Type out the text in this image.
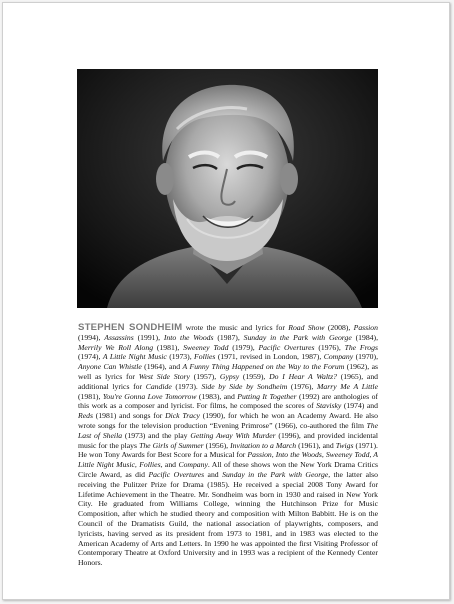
STEPHEN SONDHEIM wrote the music and lyrics for Road Show (2008), Passion (1994), Assassins (1991), Into the Woods (1987), Sunday in the Park with George (1984), Merrily We Roll Along (1981), Sweeney Todd (1979), Pacific Overtures (1976), The Frogs (1974), A Little Night Music (1973), Follies (1971, revised in London, 1987), Company (1970), Anyone Can Whistle (1964), and A Funny Thing Happened on the Way to the Forum (1962), as well as lyrics for West Side Story (1957), Gypsy (1959), Do I Hear A Waltz? (1965), and additional lyrics for Candide (1973). Side by Side by Sondheim (1976), Marry Me A Little (1981), You're Gonna Love Tomorrow (1983), and Putting It Together (1992) are anthologies of this work as a composer and lyricist. For films, he composed the scores of Stavisky (1974) and Reds (1981) and songs for Dick Tracy (1990), for which he won an Academy Award. He also wrote songs for the television production “Evening Primrose” (1966), co-authored the film The Last of Sheila (1973) and the play Getting Away With Murder (1996), and provided incidental music for the plays The Girls of Summer (1956), Invitation to a March (1961), and Twigs (1971). He won Tony Awards for Best Score for a Musical for Passion, Into the Woods, Sweeney Todd, A Little Night Music, Follies, and Company. All of these shows won the New York Drama Critics Circle Award, as did Pacific Overtures and Sunday in the Park with George, the latter also receiving the Pulitzer Prize for Drama (1985). He received a special 2008 Tony Award for Lifetime Achievement in the Theatre. Mr. Sondheim was born in 1930 and raised in New York City. He graduated from Williams College, winning the Hutchinson Prize for Music Composition, after which he studied theory and composition with Milton Babbitt. He is on the Council of the Dramatists Guild, the national association of playwrights, composers, and lyricists, having served as its president from 1973 to 1981, and in 1983 was elected to the American Academy of Arts and Letters. In 1990 he was appointed the first Visiting Professor of Contemporary Theatre at Oxford University and in 1993 was a recipient of the Kennedy Center Honors.
